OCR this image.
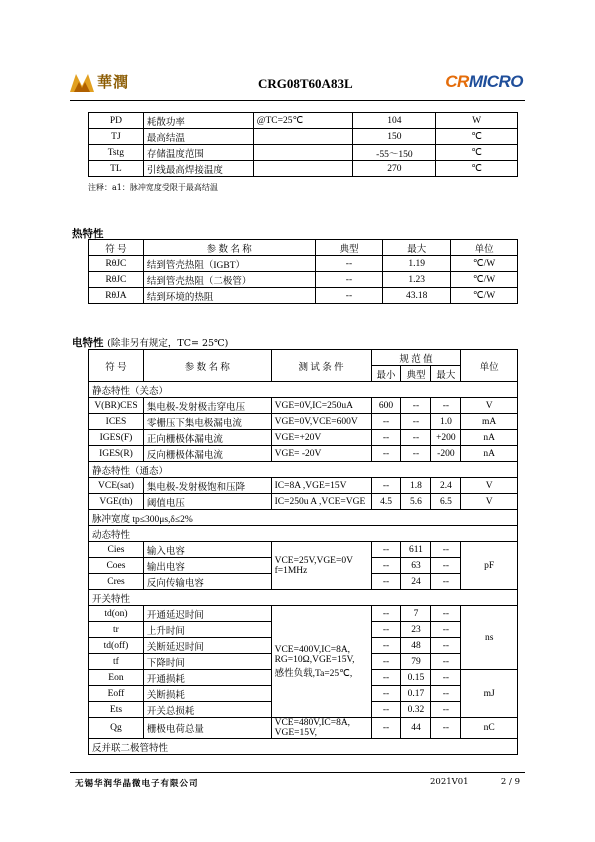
華潤	CRG08T60A83L	CRMICRO
PD	耗散功率	@TC=25℃	104	W
TJ	最高结温		150	℃
Tstg	存储温度范围		-55～150	℃
TL	引线最高焊接温度		270	℃
注释：a1：脉冲宽度受限于最高结温
热特性
符 号	参 数 名 称	典型	最大	单位
RθJC	结到管壳热阻（IGBT）	--	1.19	℃/W
RθJC	结到管壳热阻（二极管）	--	1.23	℃/W
RθJA	结到环境的热阻	--	43.18	℃/W
电特性 (除非另有规定，TC= 25℃)
符 号	参 数 名 称	测 试 条 件	规 范 值			单位
			最小	典型	最大	
静态特性（关态）						
V(BR)CES	集电极-发射极击穿电压	VGE=0V,IC=250uA	600	--	--	V
ICES	零栅压下集电极漏电流	VGE=0V,VCE=600V	--	--	1.0	mA
IGES(F)	正向栅极体漏电流	VGE=+20V	--	--	+200	nA
IGES(R)	反向栅极体漏电流	VGE= -20V	--	--	-200	nA
静态特性（通态）						
VCE(sat)	集电极-发射极饱和压降	IC=8A ,VGE=15V	--	1.8	2.4	V
VGE(th)	阈值电压	IC=250u A ,VCE=VGE	4.5	5.6	6.5	V
脉冲宽度 tp≤300μs,δ≤2%						
动态特性						
Cies	输入电容	VCE=25V,VGE=0V
f=1MHz	--	611	--	pF
Coes	输出电容		--	63	--	
Cres	反向传输电容		--	24	--	
开关特性						
td(on)	开通延迟时间	VCE=400V,IC=8A,
RG=10Ω,VGE=15V,
感性负载,Ta=25℃,	--	7	--	ns
tr	上升时间		--	23	--	
td(off)	关断延迟时间		--	48	--	
tf	下降时间		--	79	--	
Eon	开通损耗		--	0.15	--	mJ
Eoff	关断损耗		--	0.17	--	
Ets	开关总损耗		--	0.32	--	
Qg	栅极电荷总量	VCE=480V,IC=8A,
VGE=15V,	--	44	--	nC
反并联二极管特性						
无锡华润华晶微电子有限公司	2021V01	2 / 9
